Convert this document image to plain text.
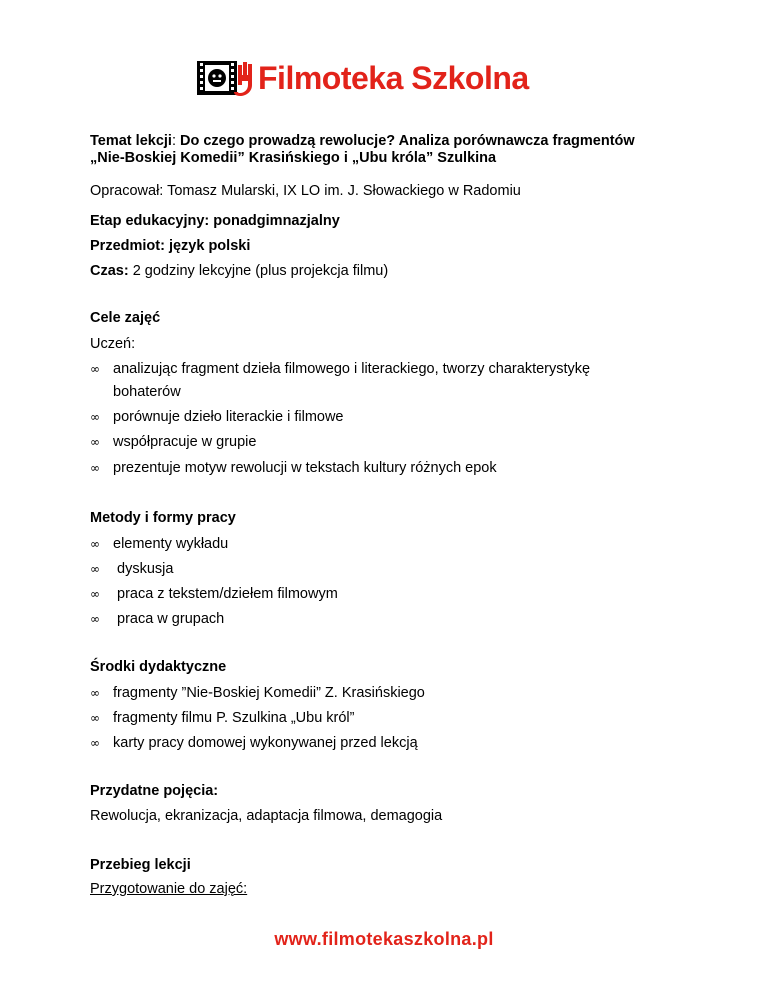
Filmoteka Szkolna
Temat lekcji: Do czego prowadzą rewolucje? Analiza porównawcza fragmentów
„Nie-Boskiej Komedii” Krasińskiego i „Ubu króla” Szulkina
Opracował: Tomasz Mularski, IX LO im. J. Słowackiego w Radomiu
Etap edukacyjny: ponadgimnazjalny
Przedmiot: język polski
Czas: 2 godziny lekcyjne (plus projekcja filmu)
Cele zajęć
Uczeń:
∞ analizując fragment dzieła filmowego i literackiego, tworzy charakterystykę
bohaterów
∞ porównuje dzieło literackie i filmowe
∞ współpracuje w grupie
∞ prezentuje motyw rewolucji w tekstach kultury różnych epok
Metody i formy pracy
∞ elementy wykładu
∞ dyskusja
∞ praca z tekstem/dziełem filmowym
∞ praca w grupach
Środki dydaktyczne
∞ fragmenty ”Nie-Boskiej Komedii” Z. Krasińskiego
∞ fragmenty filmu P. Szulkina „Ubu król”
∞ karty pracy domowej wykonywanej przed lekcją
Przydatne pojęcia:
Rewolucja, ekranizacja, adaptacja filmowa, demagogia
Przebieg lekcji
Przygotowanie do zajęć:
www.filmotekaszkolna.pl
